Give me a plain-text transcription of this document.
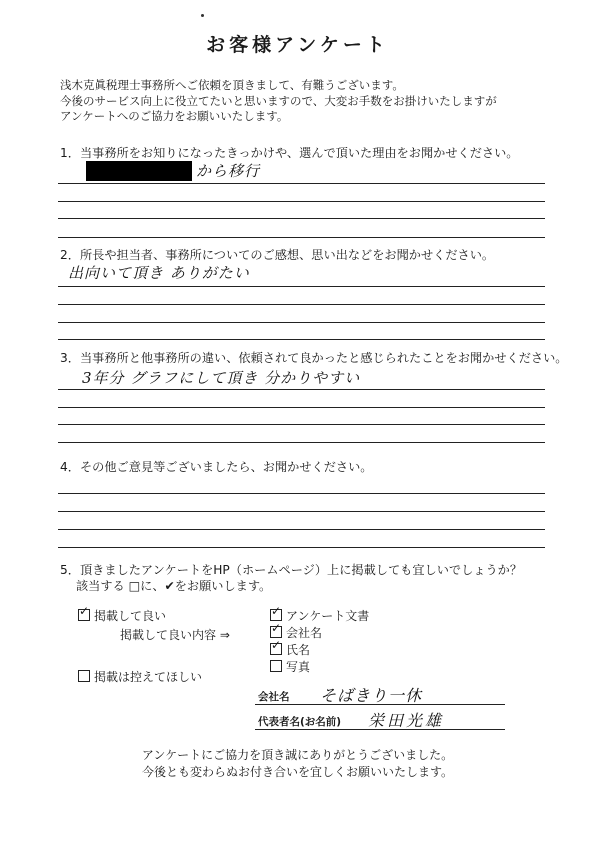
お客様アンケート
浅木克眞税理士事務所へご依頼を頂きまして、有難うございます。
今後のサービス向上に役立てたいと思いますので、大変お手数をお掛けいたしますが
アンケートへのご協力をお願いいたします。
1．当事務所をお知りになったきっかけや、選んで頂いた理由をお聞かせください。
から移行
2．所長や担当者、事務所についてのご感想、思い出などをお聞かせください。
出向いて頂き ありがたい
3．当事務所と他事務所の違い、依頼されて良かったと感じられたことをお聞かせください。
3年分 グラフにして頂き 分かりやすい
4．その他ご意見等ございましたら、お聞かせください。
5．頂きましたアンケートをHP（ホームページ）上に掲載しても宜しいでしょうか？
該当する □に、✔をお願いします。
✓ 掲載して良い
掲載して良い内容 ⇒
掲載は控えてほしい
✓ アンケート文書
✓ 会社名
✓ 氏名
写真
会社名 そばきり一休
代表者名(お名前) 栄田光雄
アンケートにご協力を頂き誠にありがとうございました。
今後とも変わらぬお付き合いを宜しくお願いいたします。
